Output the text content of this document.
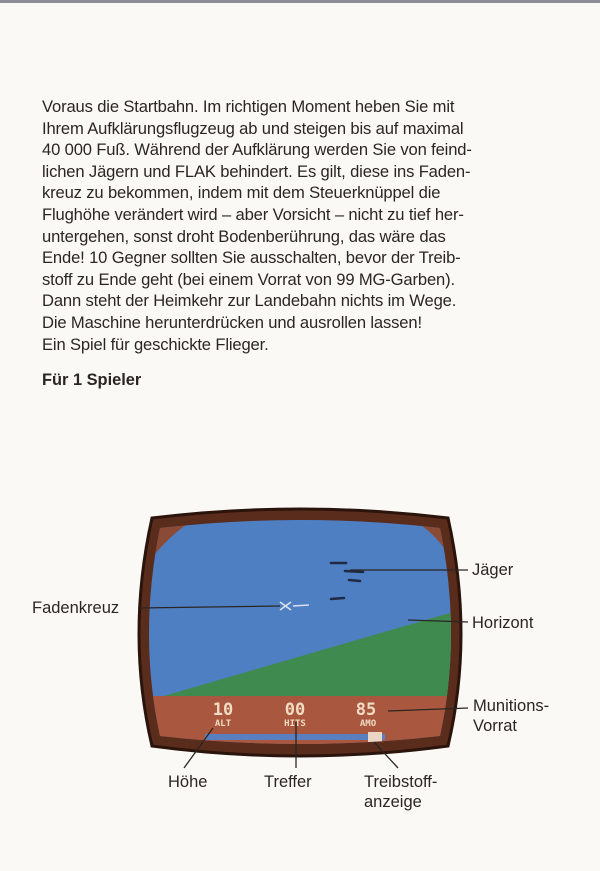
Voraus die Startbahn. Im richtigen Moment heben Sie mit
Ihrem Aufklärungsflugzeug ab und steigen bis auf maximal
40 000 Fuß. Während der Aufklärung werden Sie von feind-
lichen Jägern und FLAK behindert. Es gilt, diese ins Faden-
kreuz zu bekommen, indem mit dem Steuerknüppel die
Flughöhe verändert wird – aber Vorsicht – nicht zu tief her-
untergehen, sonst droht Bodenberührung, das wäre das
Ende! 10 Gegner sollten Sie ausschalten, bevor der Treib-
stoff zu Ende geht (bei einem Vorrat von 99 MG-Garben).
Dann steht der Heimkehr zur Landebahn nichts im Wege.
Die Maschine herunterdrücken und ausrollen lassen!
Ein Spiel für geschickte Flieger.
Für 1 Spieler
10
ALT
00
HITS
85
AMO
Jäger
Fadenkreuz
Horizont
Munitions-
Vorrat
Höhe	Treffer	Treibstoff-
anzeige
